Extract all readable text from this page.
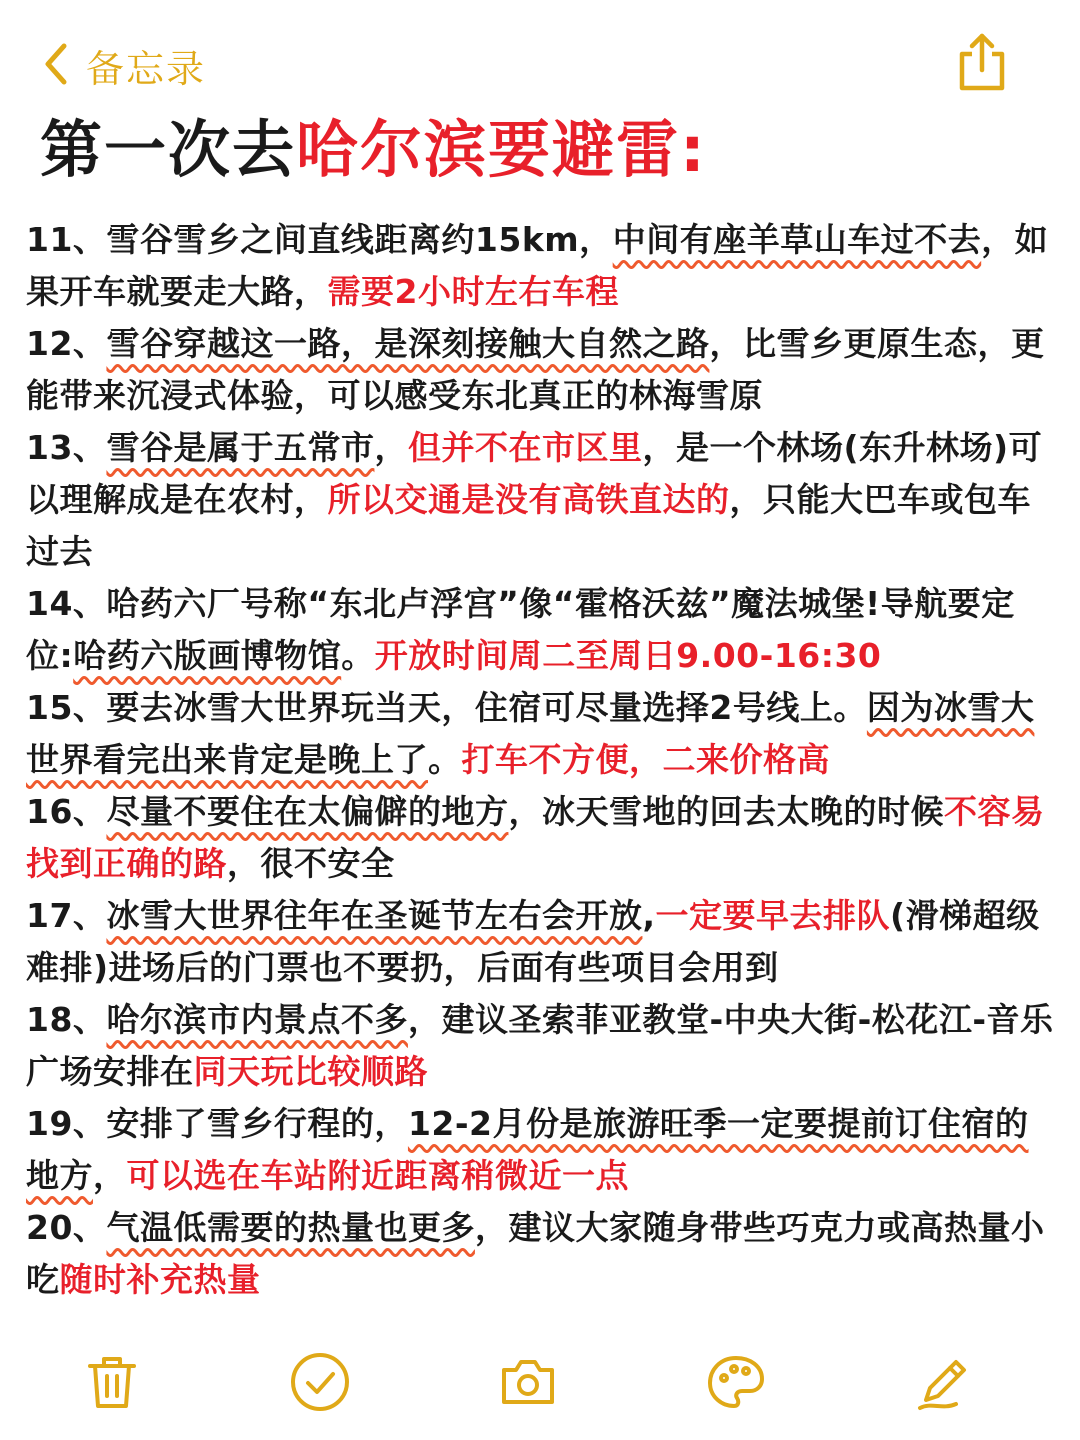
备忘录
第一次去哈尔滨要避雷:

11、雪谷雪乡之间直线距离约15km，中间有座羊草山车过不去，如果开车就要走大路，需要2小时左右车程

12、雪谷穿越这一路，是深刻接触大自然之路，比雪乡更原生态，更能带来沉浸式体验，可以感受东北真正的林海雪原

13、雪谷是属于五常市，但并不在市区里，是一个林场(东升林场)可以理解成是在农村，所以交通是没有高铁直达的，只能大巴车或包车过去

14、哈药六厂号称“东北卢浮宫”像“霍格沃兹”魔法城堡!导航要定位:哈药六版画博物馆。开放时间周二至周日9.00-16:30

15、要去冰雪大世界玩当天，住宿可尽量选择2号线上。因为冰雪大世界看完出来肯定是晚上了。打车不方便，二来价格高

16、尽量不要住在太偏僻的地方，冰天雪地的回去太晚的时候不容易找到正确的路，很不安全

17、冰雪大世界往年在圣诞节左右会开放,一定要早去排队(滑梯超级难排)进场后的门票也不要扔，后面有些项目会用到

18、哈尔滨市内景点不多，建议圣索菲亚教堂-中央大街-松花江-音乐广场安排在同天玩比较顺路

19、安排了雪乡行程的，12-2月份是旅游旺季一定要提前订住宿的地方，可以选在车站附近距离稍微近一点

20、气温低需要的热量也更多，建议大家随身带些巧克力或高热量小吃随时补充热量
